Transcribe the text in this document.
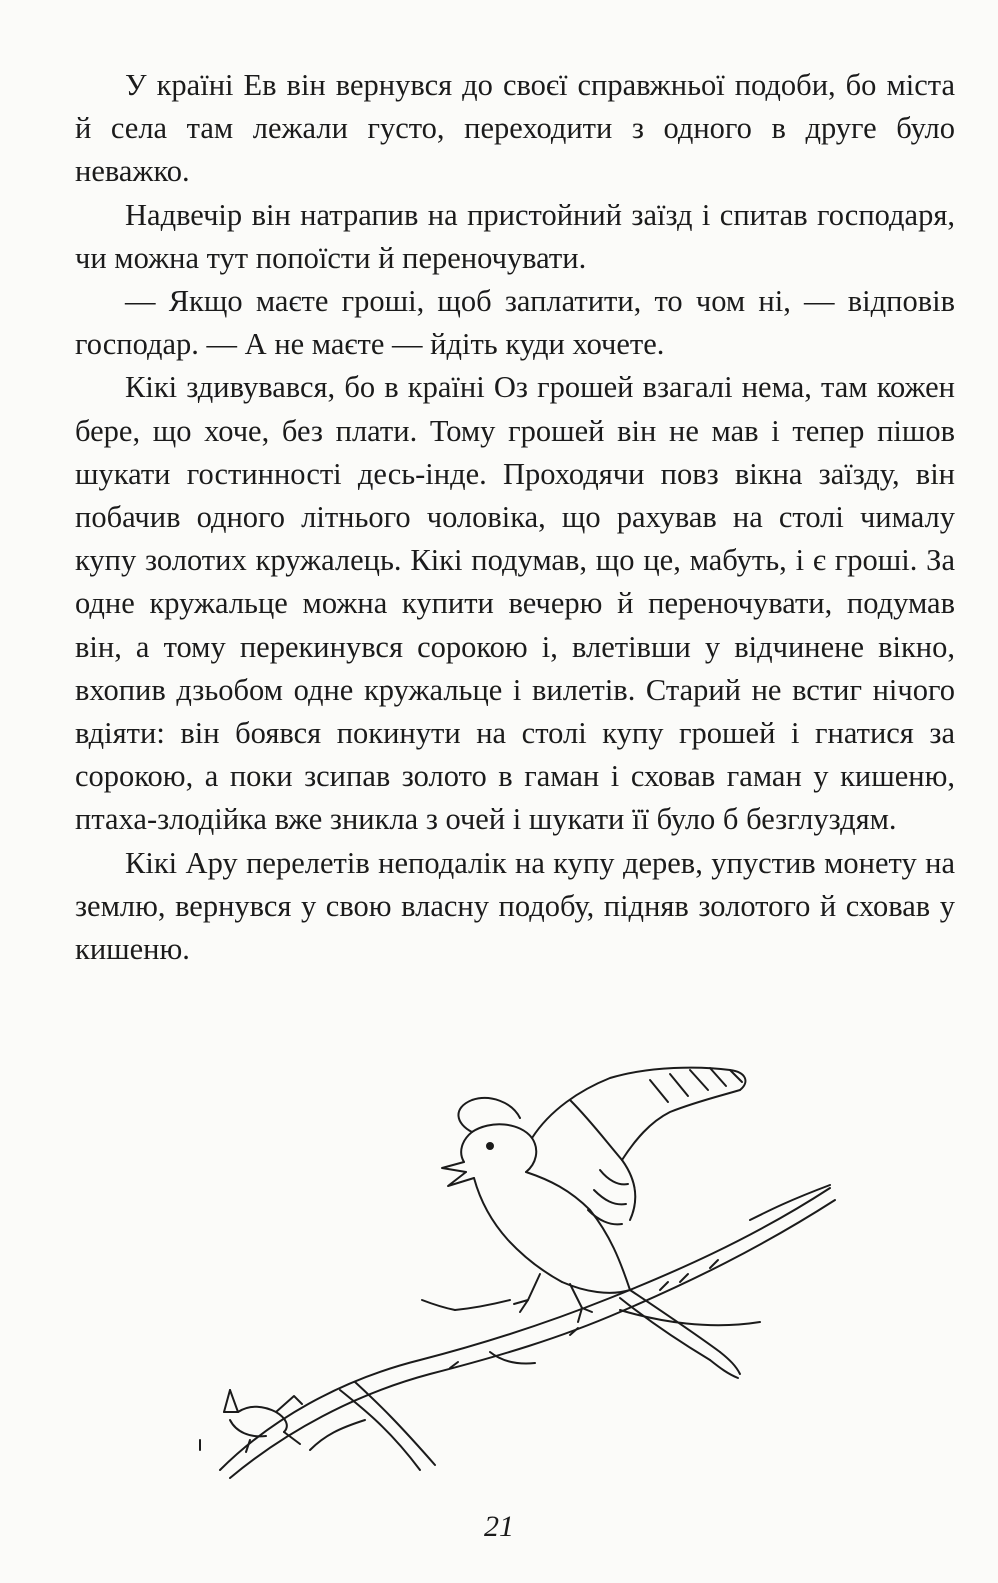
У країні Ев він вернувся до своєї справжньої подоби, бо міста й села там лежали густо, переходити з одного в друге було неважко.

Надвечір він натрапив на пристойний заїзд і спитав господаря, чи можна тут попоїсти й переночувати.

— Якщо маєте гроші, щоб заплатити, то чом ні, — відповів господар. — А не маєте — йдіть куди хочете.

Кікі здивувався, бо в країні Оз грошей взагалі нема, там кожен бере, що хоче, без плати. Тому грошей він не мав і тепер пішов шукати гостинності десь-інде. Проходячи повз вікна заїзду, він побачив одного літнього чоловіка, що рахував на столі чималу купу золотих кружалець. Кікі подумав, що це, мабуть, і є гроші. За одне кружальце можна купити вечерю й переночувати, подумав він, а тому перекинувся сорокою і, влетівши у відчинене вікно, вхопив дзьобом одне кружальце і вилетів. Старий не встиг нічого вдіяти: він боявся покинути на столі купу грошей і гнатися за сорокою, а поки зсипав золото в гаман і сховав гаман у кишеню, птаха-злодійка вже зникла з очей і шукати її було б безглуздям.

Кікі Ару перелетів неподалік на купу дерев, упустив монету на землю, вернувся у свою власну подобу, підняв золотого й сховав у кишеню.

21
